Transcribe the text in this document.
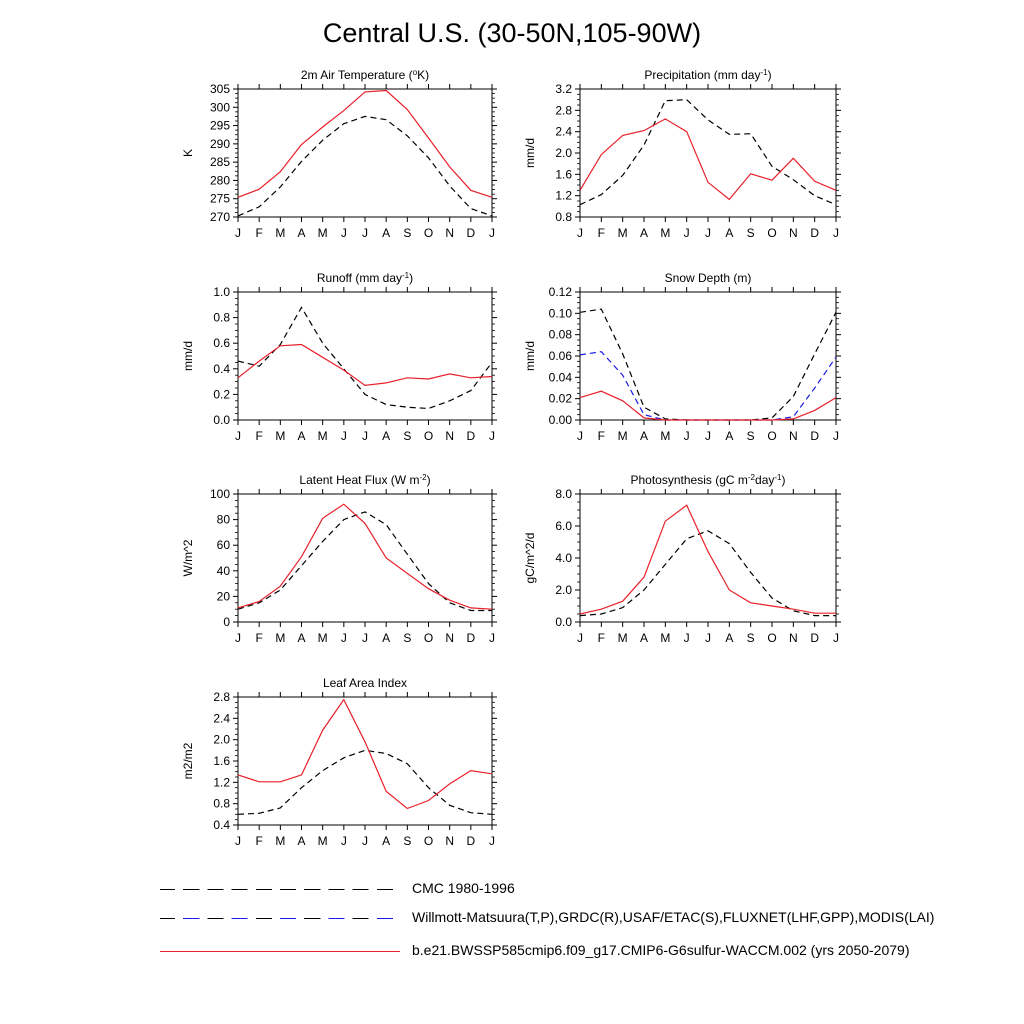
Central U.S. (30-50N,105-90W)
270
275
280
285
290
295
300
305
J F M A M J J A S O N D J
2m Air Temperature ($^o$K)
K
0.8
1.2
1.6
2.0
2.4
2.8
3.2
J F M A M J J A S O N D J
Precipitation (mm day$^{-1}$)
mm/d
0.0
0.2
0.4
0.6
0.8
1.0
J F M A M J J A S O N D J
Runoff (mm day$^{-1}$)
mm/d
0.00
0.02
0.04
0.06
0.08
0.10
0.12
J F M A M J J A S O N D J
Snow Depth (m)
mm/d
0
20
40
60
80
100
J F M A M J J A S O N D J
Latent Heat Flux (W $m^{-2}$)
W/m^2
0.0
2.0
4.0
6.0
8.0
J F M A M J J A S O N D J
Photosynthesis (gC $m^{-2}day^{-1}$)
gC/m^2/d
0.4
0.8
1.2
1.6
2.0
2.4
2.8
J F M A M J J A S O N D J
Leaf Area Index
m2/m2
CMC 1980-1996
Willmott-Matsuura(T,P),GRDC(R),USAF/ETAC(S),FLUXNET(LHF,GPP),MODIS(LAI)
b.e21.BWSSP585cmip6.f09_g17.CMIP6-G6sulfur-WACCM.002 (yrs 2050-2079)
